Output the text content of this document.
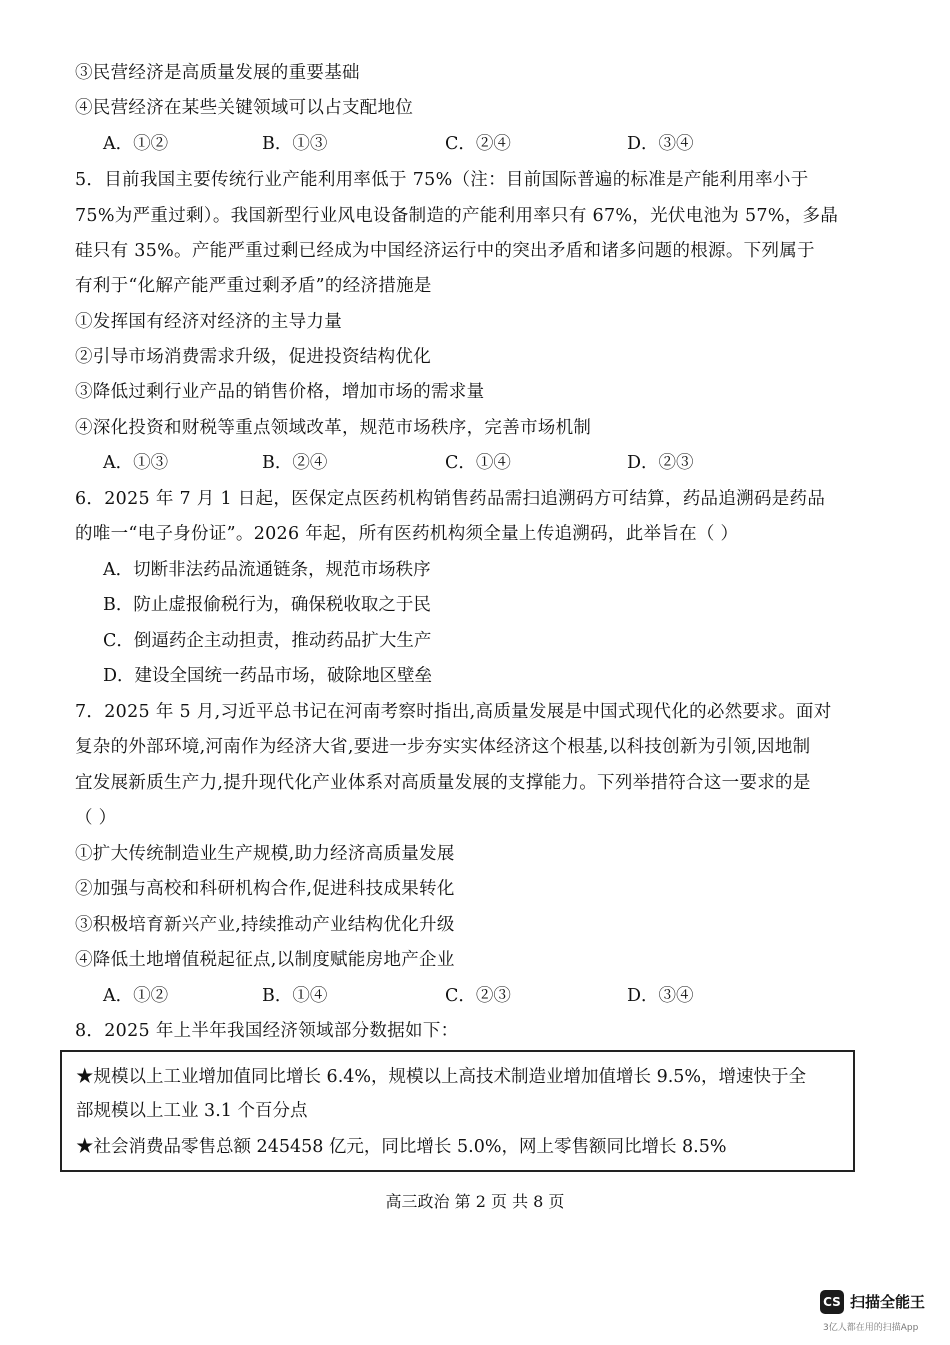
③民营经济是高质量发展的重要基础
④民营经济在某些关键领域可以占支配地位
A．①②	B．①③	C．②④	D．③④
5．目前我国主要传统行业产能利用率低于 75%（注：目前国际普遍的标准是产能利用率小于
75%为严重过剩）。我国新型行业风电设备制造的产能利用率只有 67%，光伏电池为 57%，多晶
硅只有 35%。产能严重过剩已经成为中国经济运行中的突出矛盾和诸多问题的根源。下列属于
有利于“化解产能严重过剩矛盾”的经济措施是
①发挥国有经济对经济的主导力量
②引导市场消费需求升级，促进投资结构优化
③降低过剩行业产品的销售价格，增加市场的需求量
④深化投资和财税等重点领域改革，规范市场秩序，完善市场机制
A．①③	B．②④	C．①④	D．②③
6．2025 年 7 月 1 日起，医保定点医药机构销售药品需扫追溯码方可结算，药品追溯码是药品
的唯一“电子身份证”。2026 年起，所有医药机构须全量上传追溯码，此举旨在（ ）
A．切断非法药品流通链条，规范市场秩序
B．防止虚报偷税行为，确保税收取之于民
C．倒逼药企主动担责，推动药品扩大生产
D．建设全国统一药品市场，破除地区壁垒
7．2025 年 5 月,习近平总书记在河南考察时指出,高质量发展是中国式现代化的必然要求。面对
复杂的外部环境,河南作为经济大省,要进一步夯实实体经济这个根基,以科技创新为引领,因地制
宜发展新质生产力,提升现代化产业体系对高质量发展的支撑能力。下列举措符合这一要求的是
（ ）
①扩大传统制造业生产规模,助力经济高质量发展
②加强与高校和科研机构合作,促进科技成果转化
③积极培育新兴产业,持续推动产业结构优化升级
④降低土地增值税起征点,以制度赋能房地产企业
A．①②	B．①④	C．②③	D．③④
8．2025 年上半年我国经济领域部分数据如下：
★规模以上工业增加值同比增长 6.4%，规模以上高技术制造业增加值增长 9.5%，增速快于全
部规模以上工业 3.1 个百分点
★社会消费品零售总额 245458 亿元，同比增长 5.0%，网上零售额同比增长 8.5%
高三政治 第 2 页 共 8 页
CS 扫描全能王
3亿人都在用的扫描App
